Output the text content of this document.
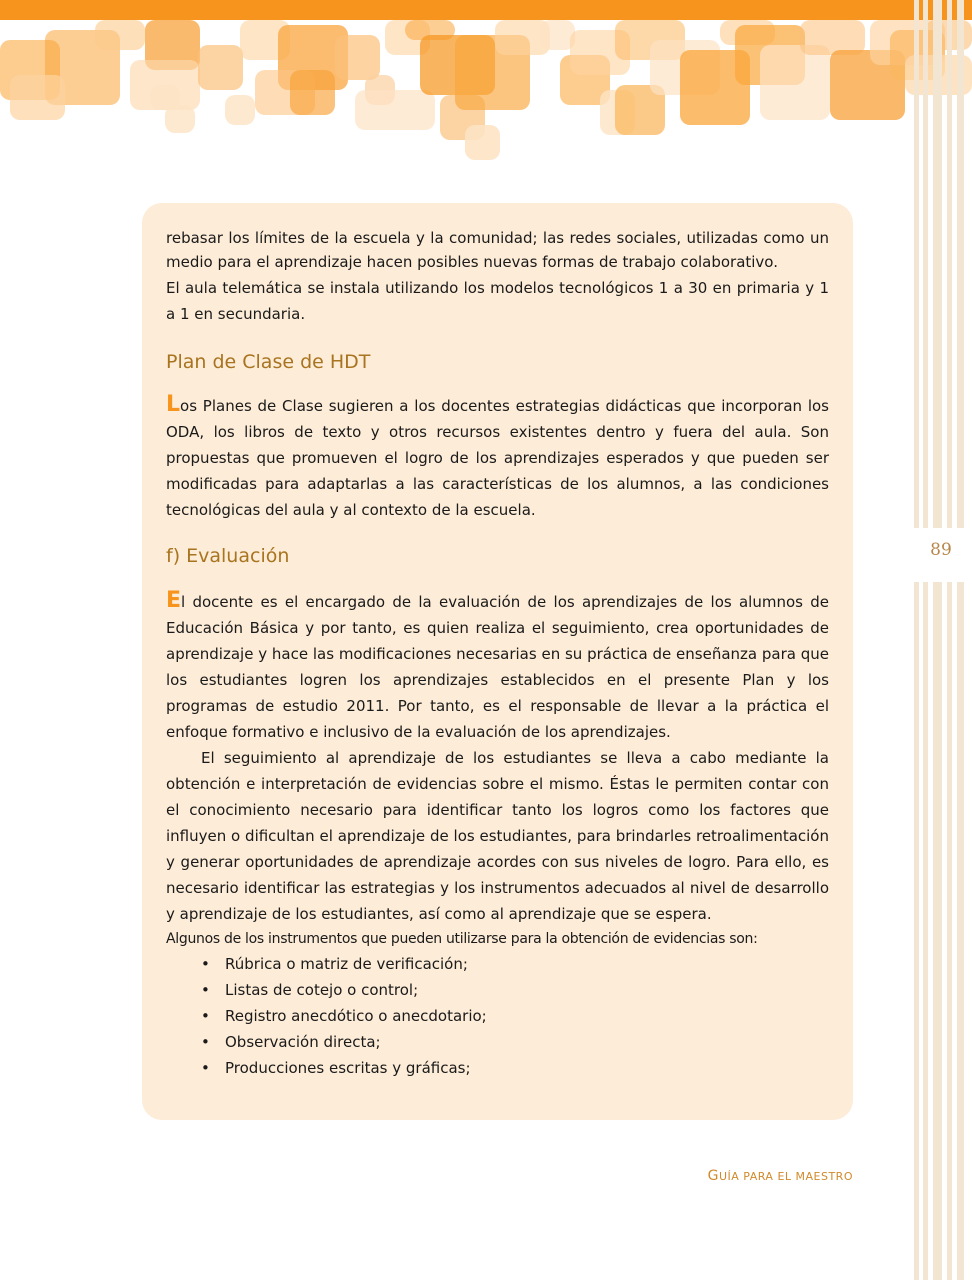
89

rebasar los límites de la escuela y la comunidad; las redes sociales, utilizadas como un medio para el aprendizaje hacen posibles nuevas formas de trabajo colaborativo.

El aula telemática se instala utilizando los modelos tecnológicos 1 a 30 en primaria y 1 a 1 en secundaria.

Plan de Clase de HDT

Los Planes de Clase sugieren a los docentes estrategias didácticas que incorporan los ODA, los libros de texto y otros recursos existentes dentro y fuera del aula. Son propuestas que promueven el logro de los aprendizajes esperados y que pueden ser modificadas para adaptarlas a las características de los alumnos, a las condiciones tecnológicas del aula y al contexto de la escuela.

f) Evaluación

El docente es el encargado de la evaluación de los aprendizajes de los alumnos de Educación Básica y por tanto, es quien realiza el seguimiento, crea oportunidades de aprendizaje y hace las modificaciones necesarias en su práctica de enseñanza para que los estudiantes logren los aprendizajes establecidos en el presente Plan y los programas de estudio 2011. Por tanto, es el responsable de llevar a la práctica el enfoque formativo e inclusivo de la evaluación de los aprendizajes.

El seguimiento al aprendizaje de los estudiantes se lleva a cabo mediante la obtención e interpretación de evidencias sobre el mismo. Éstas le permiten contar con el conocimiento necesario para identificar tanto los logros como los factores que influyen o dificultan el aprendizaje de los estudiantes, para brindarles retroalimentación y generar oportunidades de aprendizaje acordes con sus niveles de logro. Para ello, es necesario identificar las estrategias y los instrumentos adecuados al nivel de desarrollo y aprendizaje de los estudiantes, así como al aprendizaje que se espera.

Algunos de los instrumentos que pueden utilizarse para la obtención de evidencias son:

• Rúbrica o matriz de verificación;
• Listas de cotejo o control;
• Registro anecdótico o anecdotario;
• Observación directa;
• Producciones escritas y gráficas;
GUÍA PARA EL MAESTRO
